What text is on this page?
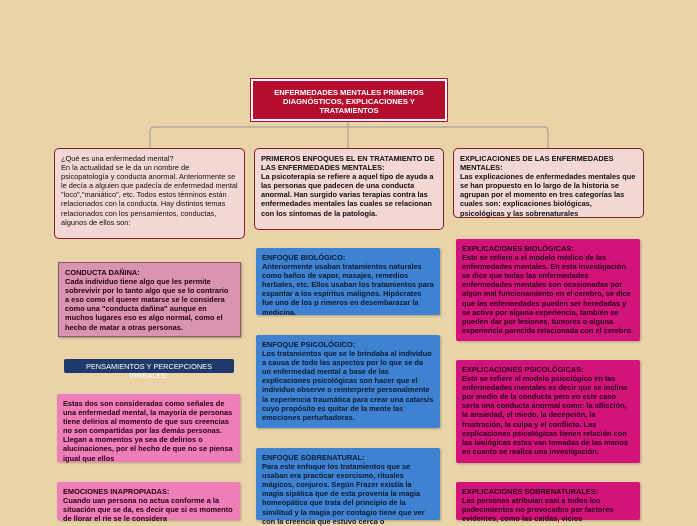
ENFERMEDADES MENTALES PRIMEROS DIAGNÓSTICOS, EXPLICACIONES Y TRATAMIENTOS
¿Qué es una enfermedad mental?
En la actualidad se le da un nombre de psicopatología y conducta anormal. Anteriormente se le decía a alguien que padecía de enfermedad mental "loco","maniático", etc. Todos estos términos están relacionados con la conducta. Hay distintos temas relacionados con los pensamientos, conductas, algunos de ellos son:
PRIMEROS ENFOQUES EL EN TRATAMIENTO DE LAS ENFERMEDADES MENTALES:
La psicoterapia se refiere a aquel tipo de ayuda a las personas que padecen de una conducta anormal. Han surgido varias terapias contra las enfermedades mentales las cuales se relacionan con los síntomas de la patología.
EXPLICACIONES DE LAS ENFERMEDADES MENTALES:
Las explicaciones de enfermedades mentales que se han propuesto en lo largo de la historia se agrupan por el momento en tres categorías las cuales son: explicaciones biológicas, psicológicas y las sobrenaturales
CONDUCTA DAÑINA:
Cada individuo tiene algo que les permite sobrevivir por lo tanto algo que se lo contrario a eso como el querer matarse se le considera como una "conducta dañina" aunque en muchos lugares eso es algo normal, como el hecho de matar a otras personas.
PENSAMIENTOS Y PERCEPCIONES IRREALES:
Estas dos son consideradas como señales de una enfermedad mental, la mayoría de personas tiene delirios al momento de que sus creencias no son compartidas por las demás personas. Llegan a momentos ya sea de delirios o alucinaciones, por el hecho de que no se piensa igual que ellos
EMOCIONES INAPROPIADAS:
Cuando uan persona no actua conforme a la situación que se da, es decir que si es momento de llorar el ríe se le considera
ENFOQUE BIOLÓGICO:
Anteriormente usaban tratamientos naturales como baños de vapor, masajes, remedios herbales, etc. Ellos usaban los tratamientos para espantar a los espíritus malignos. Hipócrates fue uno de los p rimeros en desembarazar la medicina.
ENFOQUE PSICOLÓGICO:
Los tratamientos que se le brindaba al individuo a causa de todo las aspectos por lo que se da un enfermedad mental a base de las explicaciones psicológicas son hacer que el individuo observe o reinterprete personalmente la experiencia traumática para crear una catarsis cuyo propósito es quitar de la mente las emociones perturbadoras.
ENFOQUE SOBRENATURAL:
Para este enfoque los tratamientos que se usaban era practicar exorcismo, rituales mágicos, conjuros. Según Frazer existía la magia sipática que de esta provenía la magia homeopática que trata del principio de la similitud y la magia por contagio tiene que ver con la creencia que estuvo cerca o
EXPLICACIONES BIOLÓGICAS:
Este se refiere a el modelo médico de las enfermedades mentales. En esta investigación se dice que todas las enfermedades enfermedades mentales son ocasionadas por algún mal funcionamiento en el cerebro, se dice que las enfermedades pueden ser heredadas y se activa por alguna experiencia, también se pueden dar por lesiones, tumores o alguna experiencia parecida relacionada con el cerebro.
EXPLICACIONES PSICOLÓGICAS:
Esta se refiere al modelo psicológico en las enfermedades mentales es decir que se inclina por medio de la conducta pero en este caso sería una conducta anormal como: la aflicción, la ansiedad, el miedo, la decepción, la frustración, la culpa y el conflicto. Las explicaciones psicológicas tienen relación con las biológicas estas van tomadas de las manos en cuanto se realiza una investigación.
EXPLICACIONES SOBRENATURALES:
Las personas atribuían casi a todos los padecimientos no provocados por factores evidentes, como las caídas, vicios
